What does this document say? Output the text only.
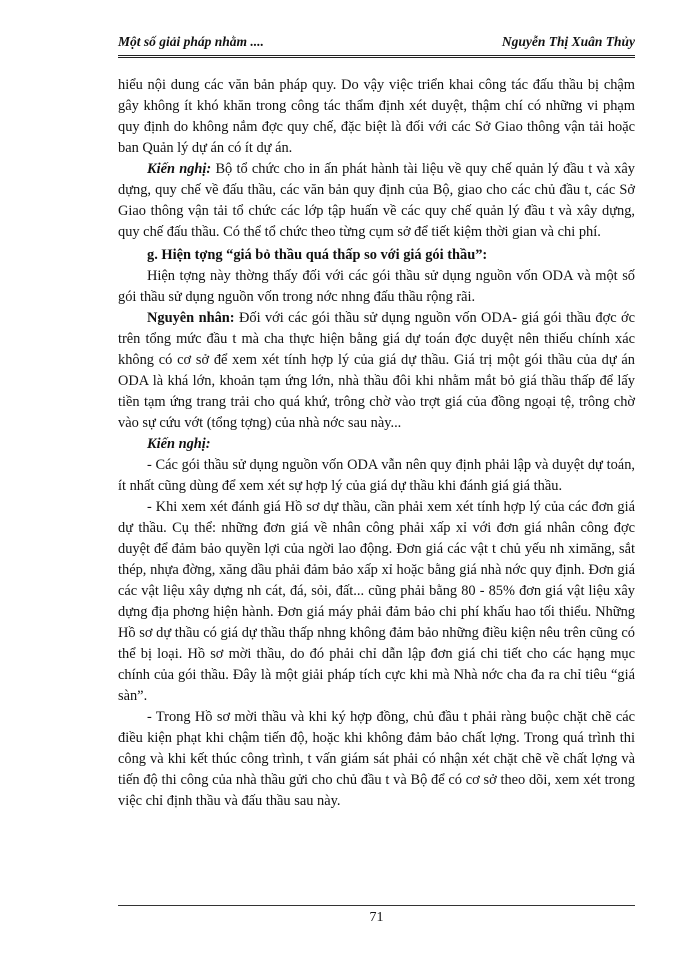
Một số giải pháp nhằm ....	Nguyễn Thị Xuân Thủy

hiểu nội dung các văn bản pháp quy. Do vậy việc triển khai công tác đấu thầu bị chậm gây không ít khó khăn trong công tác thẩm định xét duyệt, thậm chí có những vi phạm quy định do không nắm đợc quy chế, đặc biệt là đối với các Sở Giao thông vận tải hoặc ban Quản lý dự án có ít dự án.

Kiến nghị: Bộ tổ chức cho in ấn phát hành tài liệu về quy chế quản lý đầu t và xây dựng, quy chế về đấu thầu, các văn bản quy định của Bộ, giao cho các chủ đầu t, các Sở Giao thông vận tải tổ chức các lớp tập huấn về các quy chế quản lý đầu t và xây dựng, quy chế đấu thầu. Có thể tổ chức theo từng cụm sở để tiết kiệm thời gian và chi phí.

g. Hiện tợng “giá bỏ thầu quá thấp so với giá gói thầu”:

Hiện tợng này thờng thấy đối với các gói thầu sử dụng nguồn vốn ODA và một số gói thầu sử dụng nguồn vốn trong nớc nhng đấu thầu rộng rãi.

Nguyên nhân: Đối với các gói thầu sử dụng nguồn vốn ODA- giá gói thầu đợc ớc trên tổng mức đầu t mà cha thực hiện bằng giá dự toán đợc duyệt nên thiếu chính xác không có cơ sở để xem xét tính hợp lý của giá dự thầu. Giá trị một gói thầu của dự án ODA là khá lớn, khoản tạm ứng lớn, nhà thầu đôi khi nhằm mắt bỏ giá thầu thấp để lấy tiền tạm ứng trang trải cho quá khứ, trông chờ vào trợt giá của đồng ngoại tệ, trông chờ vào sự cứu vớt (tổng tợng) của nhà nớc sau này...

Kiến nghị:

- Các gói thầu sử dụng nguồn vốn ODA vẫn nên quy định phải lập và duyệt dự toán, ít nhất cũng dùng để xem xét sự hợp lý của giá dự thầu khi đánh giá giá thầu.

- Khi xem xét đánh giá Hồ sơ dự thầu, cần phải xem xét tính hợp lý của các đơn giá dự thầu. Cụ thể: những đơn giá về nhân công phải xấp xỉ với đơn giá nhân công đợc duyệt để đảm bảo quyền lợi của ngời lao động. Đơn giá các vật t chủ yếu nh ximăng, sắt thép, nhựa đờng, xăng dầu phải đảm bảo xấp xỉ hoặc bằng giá nhà nớc quy định. Đơn giá các vật liệu xây dựng nh cát, đá, sỏi, đất... cũng phải bằng 80 - 85% đơn giá vật liệu xây dựng địa phơng hiện hành. Đơn giá máy phải đảm bảo chi phí khấu hao tối thiểu. Những Hồ sơ dự thầu có giá dự thầu thấp nhng không đảm bảo những điều kiện nêu trên cũng có thể bị loại. Hồ sơ mời thầu, do đó phải chỉ dẫn lập đơn giá chi tiết cho các hạng mục chính của gói thầu. Đây là một giải pháp tích cực khi mà Nhà nớc cha đa ra chỉ tiêu “giá sàn”.

- Trong Hồ sơ mời thầu và khi ký hợp đồng, chủ đầu t phải ràng buộc chặt chẽ các điều kiện phạt khi chậm tiến độ, hoặc khi không đảm bảo chất lợng. Trong quá trình thi công và khi kết thúc công trình, t vấn giám sát phải có nhận xét chặt chẽ về chất lợng và tiến độ thi công của nhà thầu gửi cho chủ đầu t và Bộ để có cơ sở theo dõi, xem xét trong việc chỉ định thầu và đấu thầu sau này.

71
